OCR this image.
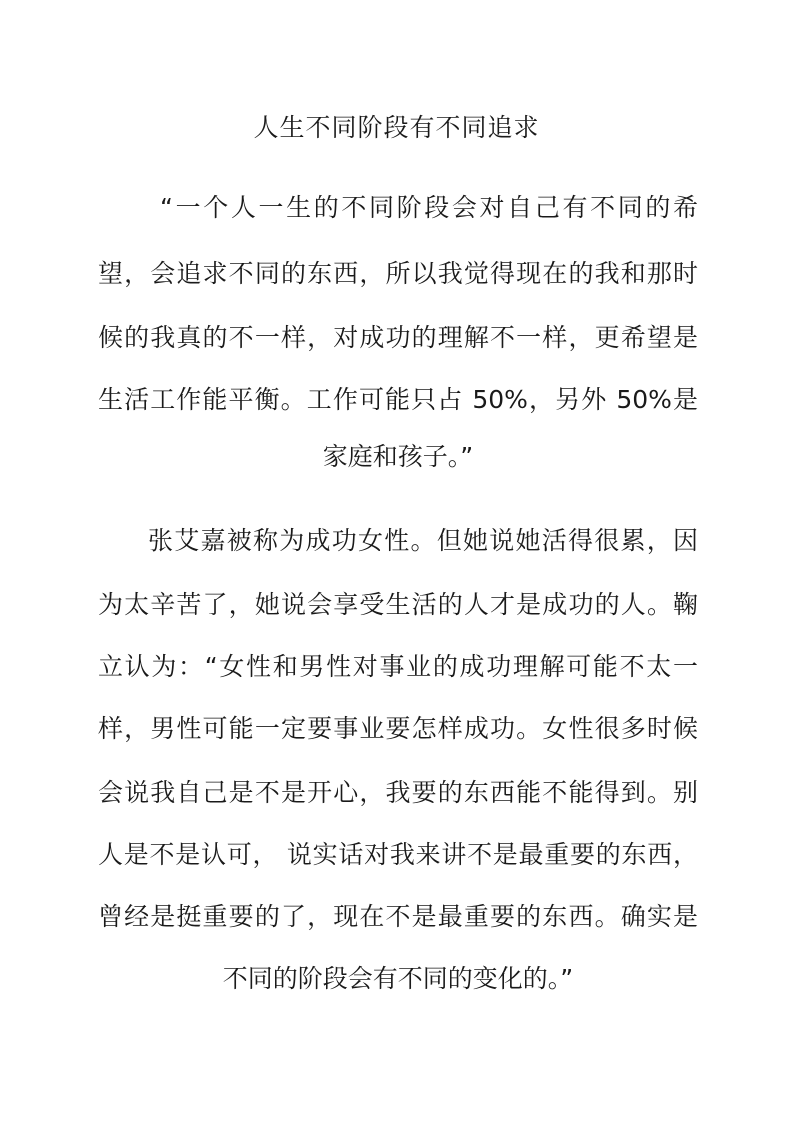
人生不同阶段有不同追求
“一个人一生的不同阶段会对自己有不同的希
望，会追求不同的东西，所以我觉得现在的我和那时
候的我真的不一样，对成功的理解不一样，更希望是
生活工作能平衡。工作可能只占 50%，另外 50%是
家庭和孩子。”
张艾嘉被称为成功女性。但她说她活得很累，因
为太辛苦了，她说会享受生活的人才是成功的人。鞠
立认为：“女性和男性对事业的成功理解可能不太一
样，男性可能一定要事业要怎样成功。女性很多时候
会说我自己是不是开心，我要的东西能不能得到。别
人是不是认可， 说实话对我来讲不是最重要的东西，
曾经是挺重要的了，现在不是最重要的东西。确实是
不同的阶段会有不同的变化的。”
